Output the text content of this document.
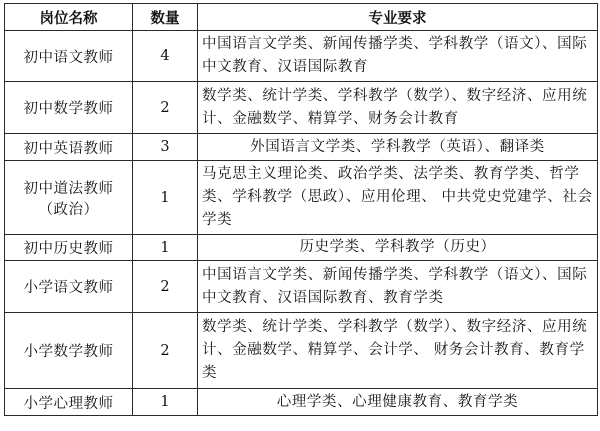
岗位名称	数量	专业要求
初中语文教师	4	中国语言文学类、新闻传播学类、学科教学（语文）、国际中文教育、汉语国际教育
初中数学教师	2	数学类、统计学类、学科教学（数学）、数字经济、应用统计、金融数学、精算学、财务会计教育
初中英语教师	3	外国语言文学类、学科教学（英语）、翻译类

初中道法教师
（政治）	1	马克思主义理论类、政治学类、法学类、教育学类、哲学类、学科教学（思政）、应用伦理、 中共党史党建学、社会学类
初中历史教师	1	历史学类、学科教学（历史）
小学语文教师	2	中国语言文学类、新闻传播学类、学科教学（语文）、国际中文教育、汉语国际教育、教育学类
小学数学教师	2	数学类、统计学类、学科教学（数学）、数字经济、应用统计、金融数学、精算学、会计学、 财务会计教育、教育学类
小学心理教师	1	心理学类、心理健康教育、教育学类
